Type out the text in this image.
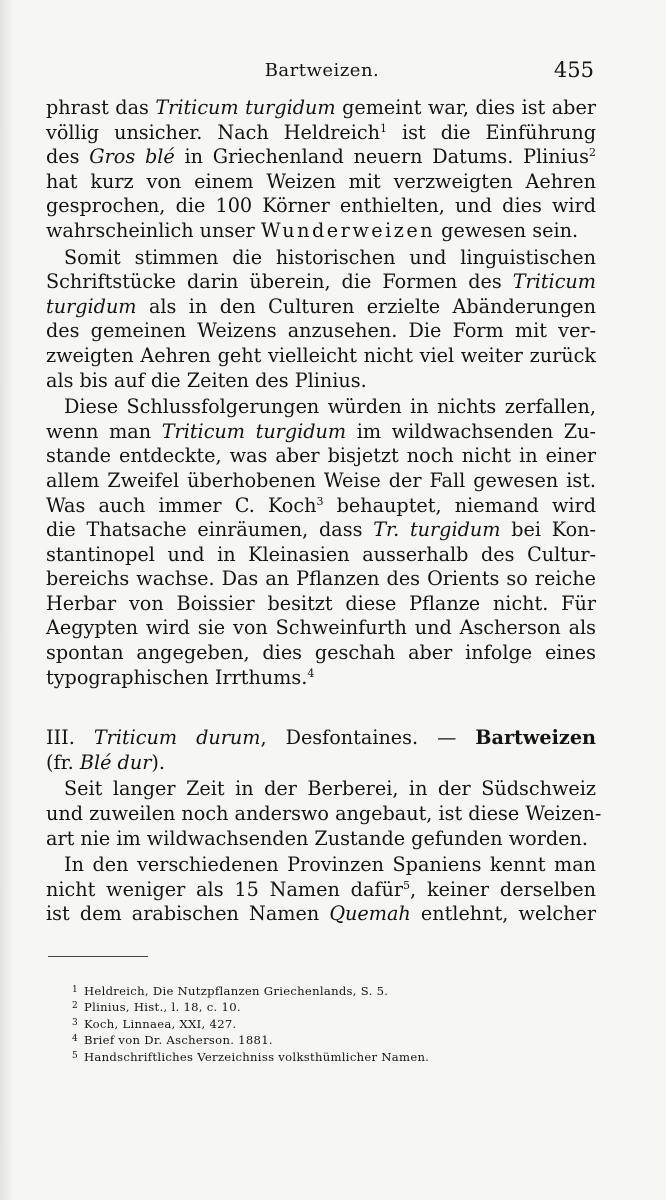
Bartweizen.	455
phrast das Triticum turgidum gemeint war, dies ist aber
völlig unsicher. Nach Heldreich$^1$ ist die Einführung
des Gros blé in Griechenland neuern Datums. Plinius$^2$
hat kurz von einem Weizen mit verzweigten Aehren
gesprochen, die 100 Körner enthielten, und dies wird
wahrscheinlich unser Wunderweizen gewesen sein.
Somit stimmen die historischen und linguistischen
Schriftstücke darin überein, die Formen des Triticum
turgidum als in den Culturen erzielte Abänderungen
des gemeinen Weizens anzusehen. Die Form mit ver-
zweigten Aehren geht vielleicht nicht viel weiter zurück
als bis auf die Zeiten des Plinius.
Diese Schlussfolgerungen würden in nichts zerfallen,
wenn man Triticum turgidum im wildwachsenden Zu-
stande entdeckte, was aber bisjetzt noch nicht in einer
allem Zweifel überhobenen Weise der Fall gewesen ist.
Was auch immer C. Koch$^3$ behauptet, niemand wird
die Thatsache einräumen, dass Tr. turgidum bei Kon-
stantinopel und in Kleinasien ausserhalb des Cultur-
bereichs wachse. Das an Pflanzen des Orients so reiche
Herbar von Boissier besitzt diese Pflanze nicht. Für
Aegypten wird sie von Schweinfurth und Ascherson als
spontan angegeben, dies geschah aber infolge eines
typographischen Irrthums.$^4$
III. Triticum durum, Desfontaines. — Bartweizen
(fr. Blé dur).
Seit langer Zeit in der Berberei, in der Südschweiz
und zuweilen noch anderswo angebaut, ist diese Weizen-
art nie im wildwachsenden Zustande gefunden worden.
In den verschiedenen Provinzen Spaniens kennt man
nicht weniger als 15 Namen dafür$^5$, keiner derselben
ist dem arabischen Namen Quemah entlehnt, welcher
1 Heldreich, Die Nutzpflanzen Griechenlands, S. 5.
2 Plinius, Hist., l. 18, c. 10.
3 Koch, Linnaea, XXI, 427.
4 Brief von Dr. Ascherson. 1881.
5 Handschriftliches Verzeichniss volksthümlicher Namen.
